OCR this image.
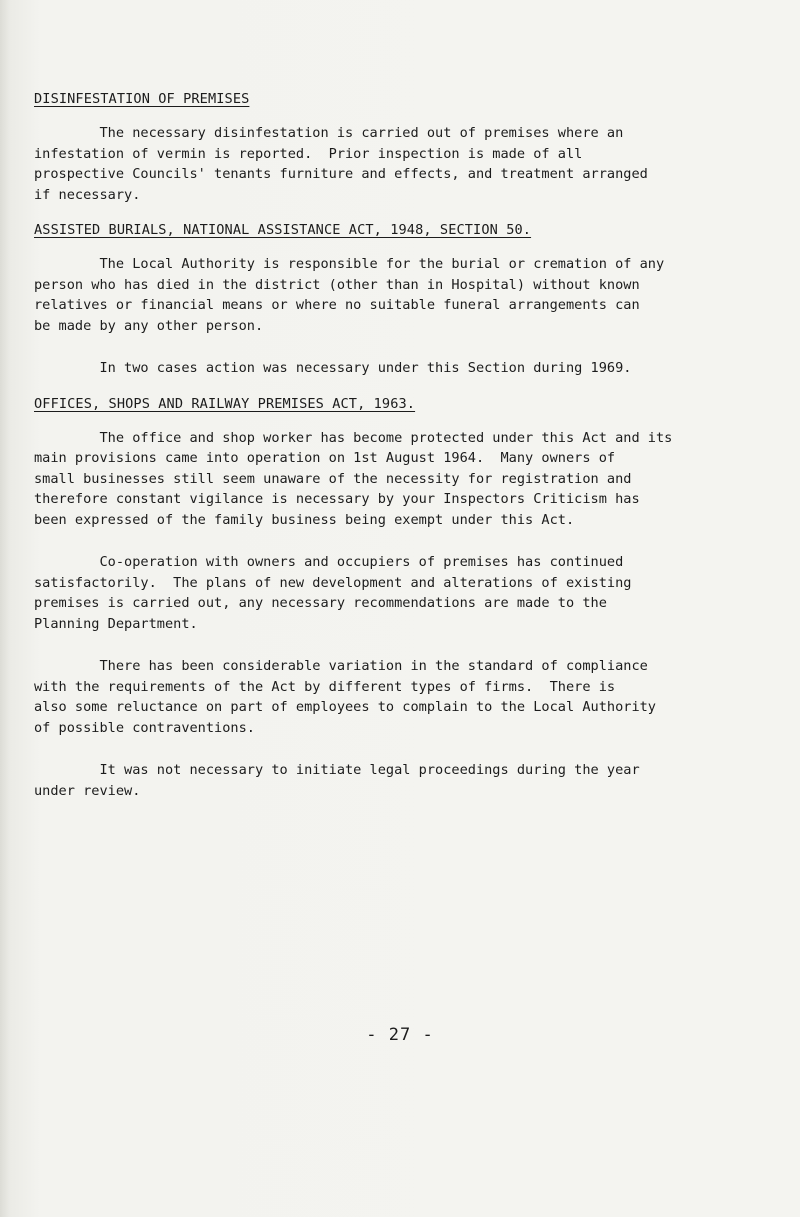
DISINFESTATION OF PREMISES

The necessary disinfestation is carried out of premises where an
infestation of vermin is reported.  Prior inspection is made of all
prospective Councils' tenants furniture and effects, and treatment arranged
if necessary.

ASSISTED BURIALS, NATIONAL ASSISTANCE ACT, 1948, SECTION 50.

The Local Authority is responsible for the burial or cremation of any
person who has died in the district (other than in Hospital) without known
relatives or financial means or where no suitable funeral arrangements can
be made by any other person.

In two cases action was necessary under this Section during 1969.

OFFICES, SHOPS AND RAILWAY PREMISES ACT, 1963.

The office and shop worker has become protected under this Act and its
main provisions came into operation on 1st August 1964.  Many owners of
small businesses still seem unaware of the necessity for registration and
therefore constant vigilance is necessary by your Inspectors Criticism has
been expressed of the family business being exempt under this Act.

Co-operation with owners and occupiers of premises has continued
satisfactorily.  The plans of new development and alterations of existing
premises is carried out, any necessary recommendations are made to the
Planning Department.

There has been considerable variation in the standard of compliance
with the requirements of the Act by different types of firms.  There is
also some reluctance on part of employees to complain to the Local Authority
of possible contraventions.

It was not necessary to initiate legal proceedings during the year
under review.

- 27 -
